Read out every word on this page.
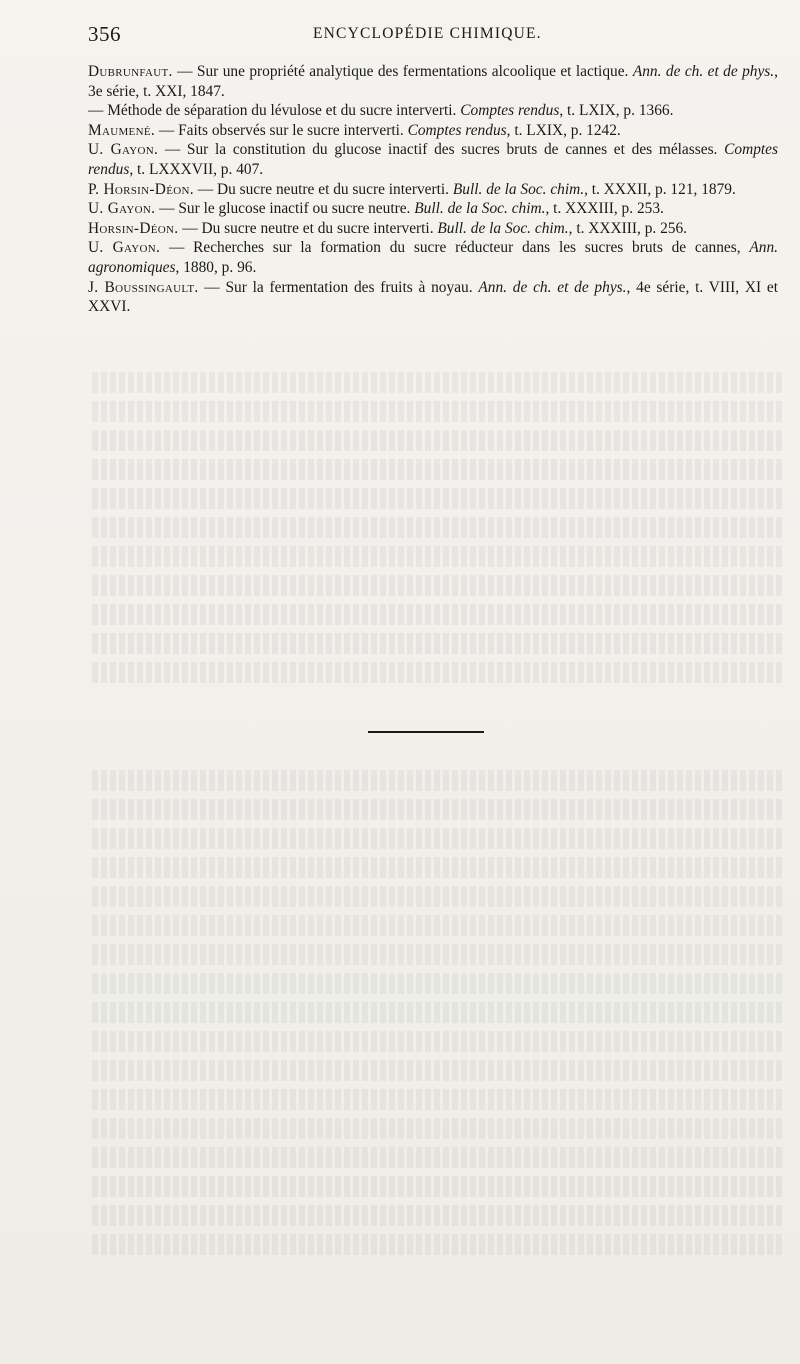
356	ENCYCLOPÉDIE CHIMIQUE.

Dubrunfaut. — Sur une propriété analytique des fermentations alcoolique et lactique. Ann. de ch. et de phys., 3e série, t. XXI, 1847.

— Méthode de séparation du lévulose et du sucre interverti. Comptes rendus, t. LXIX, p. 1366.

Maumené. — Faits observés sur le sucre interverti. Comptes rendus, t. LXIX, p. 1242.

U. Gayon. — Sur la constitution du glucose inactif des sucres bruts de cannes et des mélasses. Comptes rendus, t. LXXXVII, p. 407.

P. Horsin-Déon. — Du sucre neutre et du sucre interverti. Bull. de la Soc. chim., t. XXXII, p. 121, 1879.

U. Gayon. — Sur le glucose inactif ou sucre neutre. Bull. de la Soc. chim., t. XXXIII, p. 253.

Horsin-Déon. — Du sucre neutre et du sucre interverti. Bull. de la Soc. chim., t. XXXIII, p. 256.

U. Gayon. — Recherches sur la formation du sucre réducteur dans les sucres bruts de cannes, Ann. agronomiques, 1880, p. 96.

J. Boussingault. — Sur la fermentation des fruits à noyau. Ann. de ch. et de phys., 4e série, t. VIII, XI et XXVI.
